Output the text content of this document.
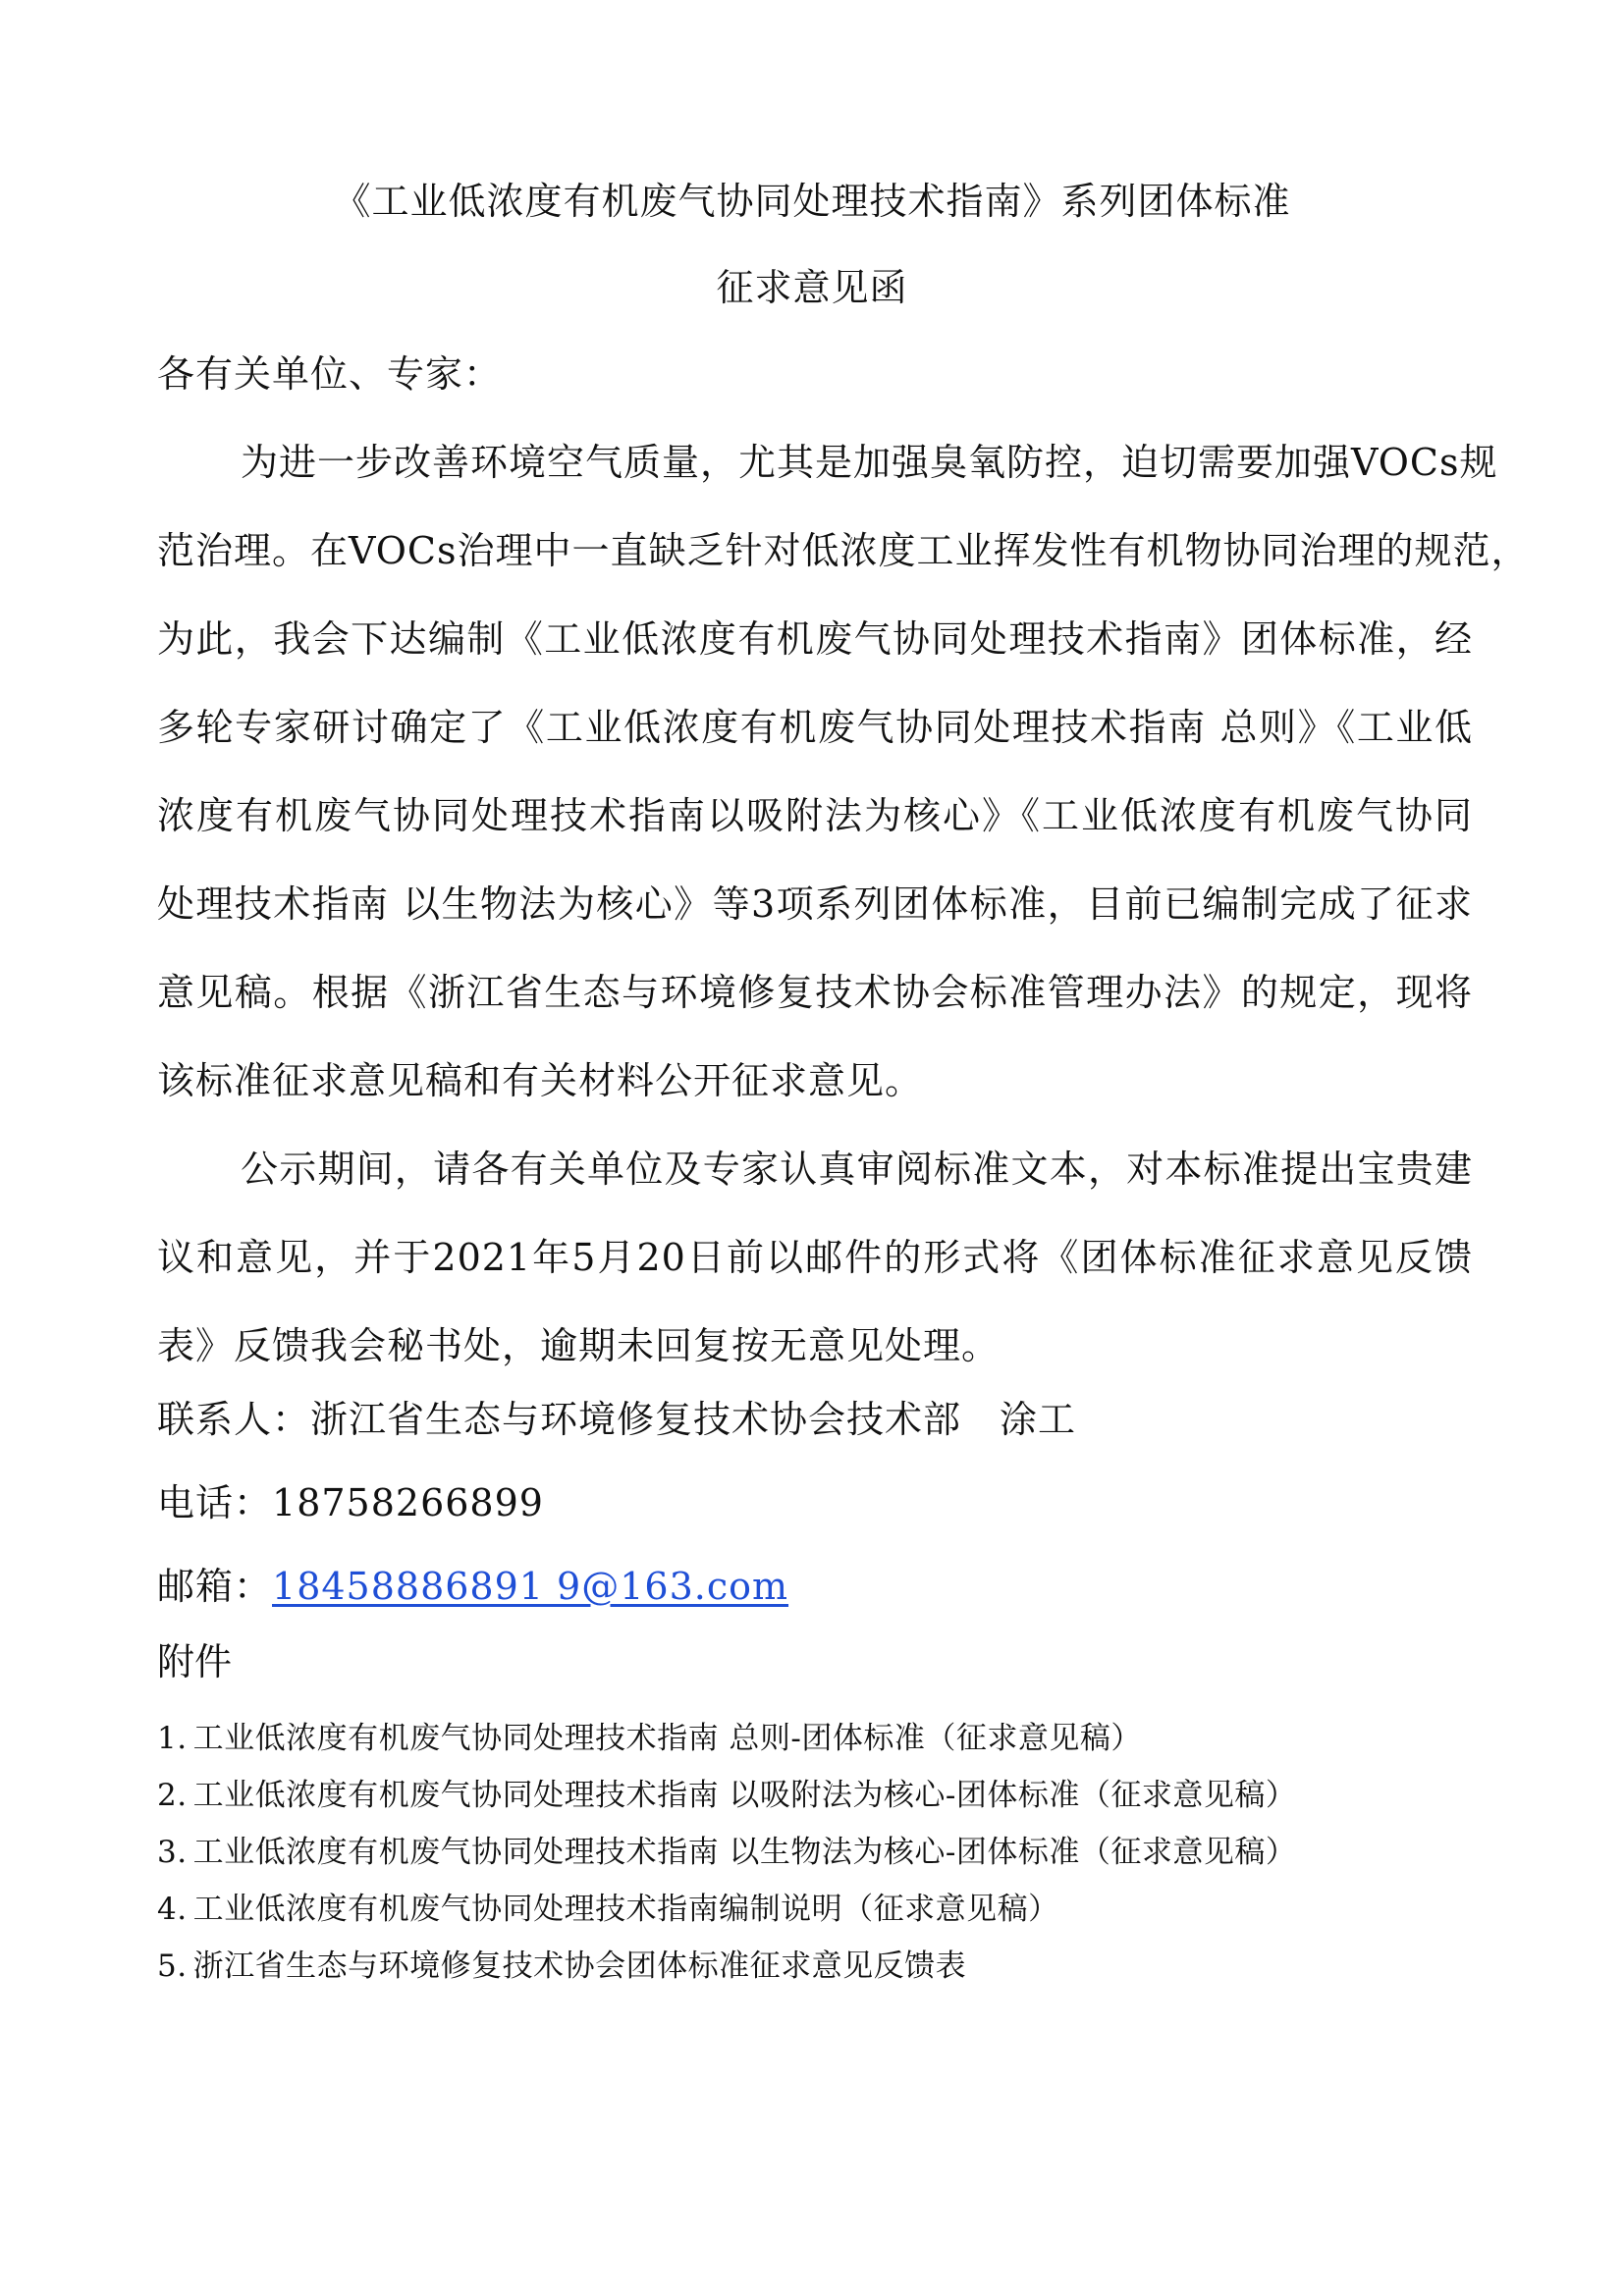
《工业低浓度有机废气协同处理技术指南》系列团体标准
征求意见函
各有关单位、专家：
为进一步改善环境空气质量，尤其是加强臭氧防控，迫切需要加强VOCs规
范治理。在VOCs治理中一直缺乏针对低浓度工业挥发性有机物协同治理的规范，
为此，我会下达编制《工业低浓度有机废气协同处理技术指南》团体标准，经
多轮专家研讨确定了《工业低浓度有机废气协同处理技术指南 总则》《工业低
浓度有机废气协同处理技术指南以吸附法为核心》《工业低浓度有机废气协同
处理技术指南 以生物法为核心》等3项系列团体标准，目前已编制完成了征求
意见稿。根据《浙江省生态与环境修复技术协会标准管理办法》的规定，现将
该标准征求意见稿和有关材料公开征求意见。
公示期间，请各有关单位及专家认真审阅标准文本，对本标准提出宝贵建
议和意见，并于2021年5月20日前以邮件的形式将《团体标准征求意见反馈
表》反馈我会秘书处，逾期未回复按无意见处理。
联系人：浙江省生态与环境修复技术协会技术部　涂工
电话：18758266899
邮箱：18458886891 9@163.com
附件
1. 工业低浓度有机废气协同处理技术指南 总则-团体标准（征求意见稿）
2. 工业低浓度有机废气协同处理技术指南 以吸附法为核心-团体标准（征求意见稿）
3. 工业低浓度有机废气协同处理技术指南 以生物法为核心-团体标准（征求意见稿）
4. 工业低浓度有机废气协同处理技术指南编制说明（征求意见稿）
5. 浙江省生态与环境修复技术协会团体标准征求意见反馈表
